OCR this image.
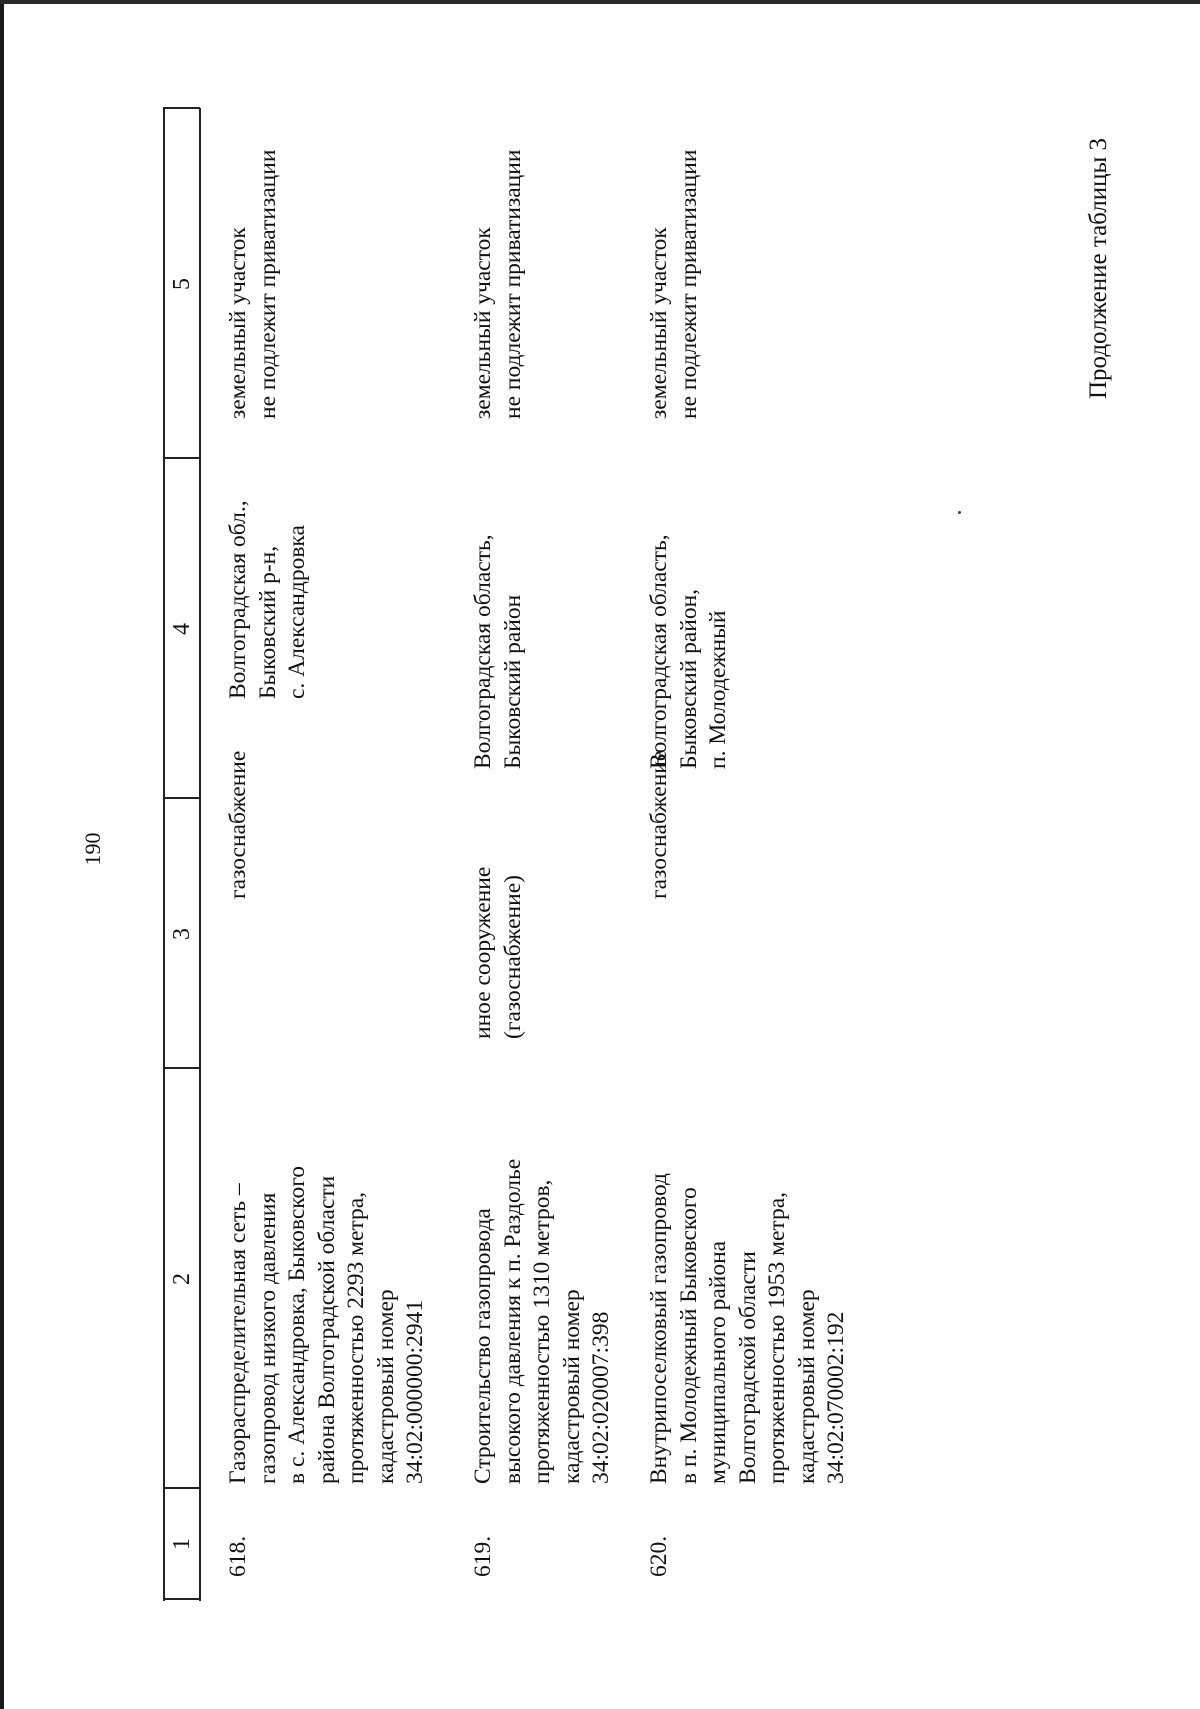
190
Продолжение таблицы 3
1
2
3
4
5
618.
Газораспределительная сеть –
газопровод низкого давления
в с. Александровка, Быковского
района Волгоградской области
протяженностью 2293 метра,
кадастровый номер
34:02:000000:2941
газоснабжение
Волгоградская обл.,
Быковский р-н,
с. Александровка
земельный участок
не подлежит приватизации
619.
Строительство газопровода
высокого давления к п. Раздолье
протяженностью 1310 метров,
кадастровый номер
34:02:020007:398
иное сооружение
(газоснабжение)
Волгоградская область,
Быковский район
земельный участок
не подлежит приватизации
620.
Внутрипоселковый газопровод
в п. Молодежный Быковского
муниципального района
Волгоградской области
протяженностью 1953 метра,
кадастровый номер
34:02:070002:192
газоснабжение
Волгоградская область,
Быковский район,
п. Молодежный
земельный участок
не подлежит приватизации
